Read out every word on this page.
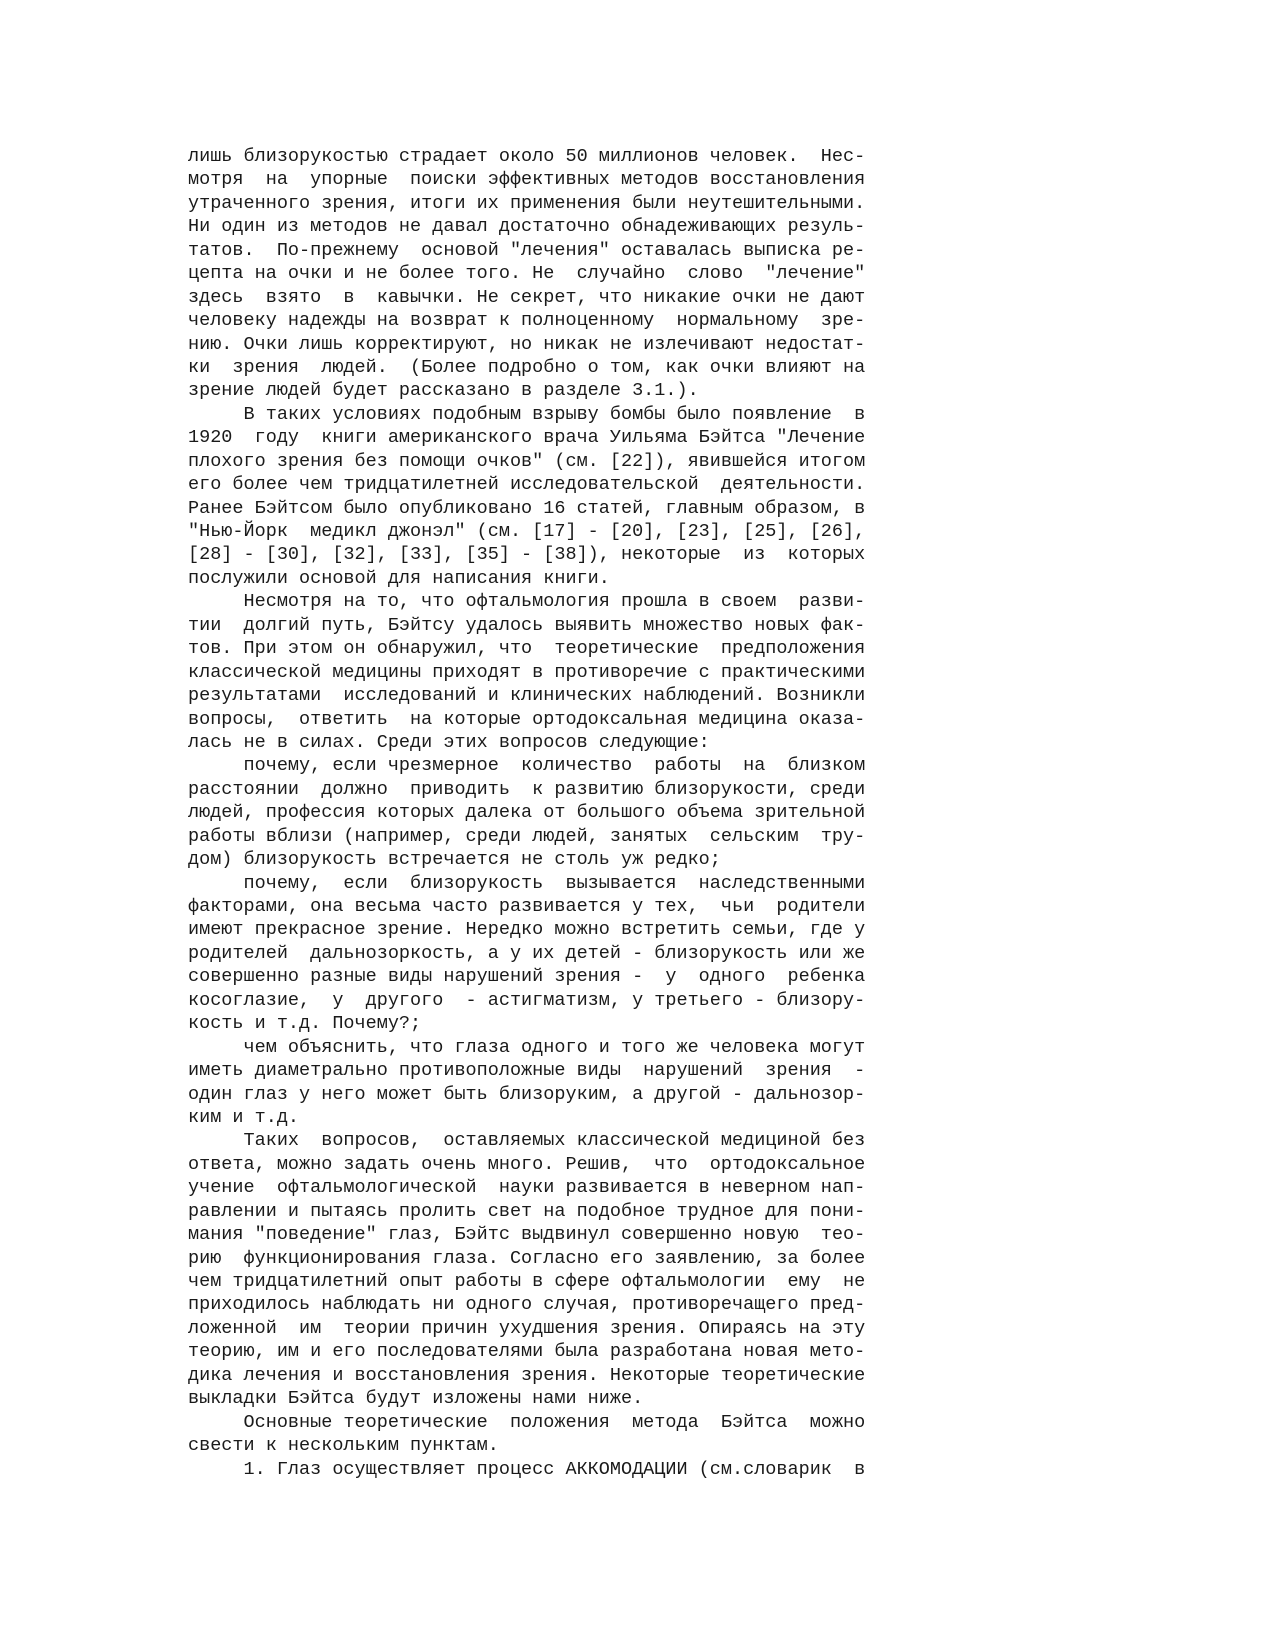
лишь близорукостью страдает около 50 миллионов человек.  Нес-
мотря  на  упорные  поиски эффективных методов восстановления
утраченного зрения, итоги их применения были неутешительными.
Ни один из методов не давал достаточно обнадеживающих резуль-
татов.  По-прежнему  основой "лечения" оставалась выписка ре-
цепта на очки и не более того. Не  случайно  слово  "лечение"
здесь  взято  в  кавычки. Не секрет, что никакие очки не дают
человеку надежды на возврат к полноценному  нормальному  зре-
нию. Очки лишь корректируют, но никак не излечивают недостат-
ки  зрения  людей.  (Более подробно о том, как очки влияют на
зрение людей будет рассказано в разделе 3.1.).
В таких условиях подобным взрыву бомбы было появление  в
1920  году  книги американского врача Уильяма Бэйтса "Лечение
плохого зрения без помощи очков" (см. [22]), явившейся итогом
его более чем тридцатилетней исследовательской  деятельности.
Ранее Бэйтсом было опубликовано 16 статей, главным образом, в
"Нью-Йорк  медикл джонэл" (см. [17] - [20], [23], [25], [26],
[28] - [30], [32], [33], [35] - [38]), некоторые  из  которых
послужили основой для написания книги.
Несмотря на то, что офтальмология прошла в своем  разви-
тии  долгий путь, Бэйтсу удалось выявить множество новых фак-
тов. При этом он обнаружил, что  теоретические  предположения
классической медицины приходят в противоречие с практическими
результатами  исследований и клинических наблюдений. Возникли
вопросы,  ответить  на которые ортодоксальная медицина оказа-
лась не в силах. Среди этих вопросов следующие:
почему, если чрезмерное  количество  работы  на  близком
расстоянии  должно  приводить  к развитию близорукости, среди
людей, профессия которых далека от большого объема зрительной
работы вблизи (например, среди людей, занятых  сельским  тру-
дом) близорукость встречается не столь уж редко;
почему,  если  близорукость  вызывается  наследственными
факторами, она весьма часто развивается у тех,  чьи  родители
имеют прекрасное зрение. Нередко можно встретить семьи, где у
родителей  дальнозоркость, а у их детей - близорукость или же
совершенно разные виды нарушений зрения -  у  одного  ребенка
косоглазие,  у  другого  - астигматизм, у третьего - близору-
кость и т.д. Почему?;
чем объяснить, что глаза одного и того же человека могут
иметь диаметрально противоположные виды  нарушений  зрения  -
один глаз у него может быть близоруким, а другой - дальнозор-
ким и т.д.
Таких  вопросов,  оставляемых классической медициной без
ответа, можно задать очень много. Решив,  что  ортодоксальное
учение  офтальмологической  науки развивается в неверном нап-
равлении и пытаясь пролить свет на подобное трудное для пони-
мания "поведение" глаз, Бэйтс выдвинул совершенно новую  тео-
рию  функционирования глаза. Согласно его заявлению, за более
чем тридцатилетний опыт работы в сфере офтальмологии  ему  не
приходилось наблюдать ни одного случая, противоречащего пред-
ложенной  им  теории причин ухудшения зрения. Опираясь на эту
теорию, им и его последователями была разработана новая мето-
дика лечения и восстановления зрения. Некоторые теоретические
выкладки Бэйтса будут изложены нами ниже.
Основные теоретические  положения  метода  Бэйтса  можно
свести к нескольким пунктам.
1. Глаз осуществляет процесс АККОМОДАЦИИ (см.словарик  в
